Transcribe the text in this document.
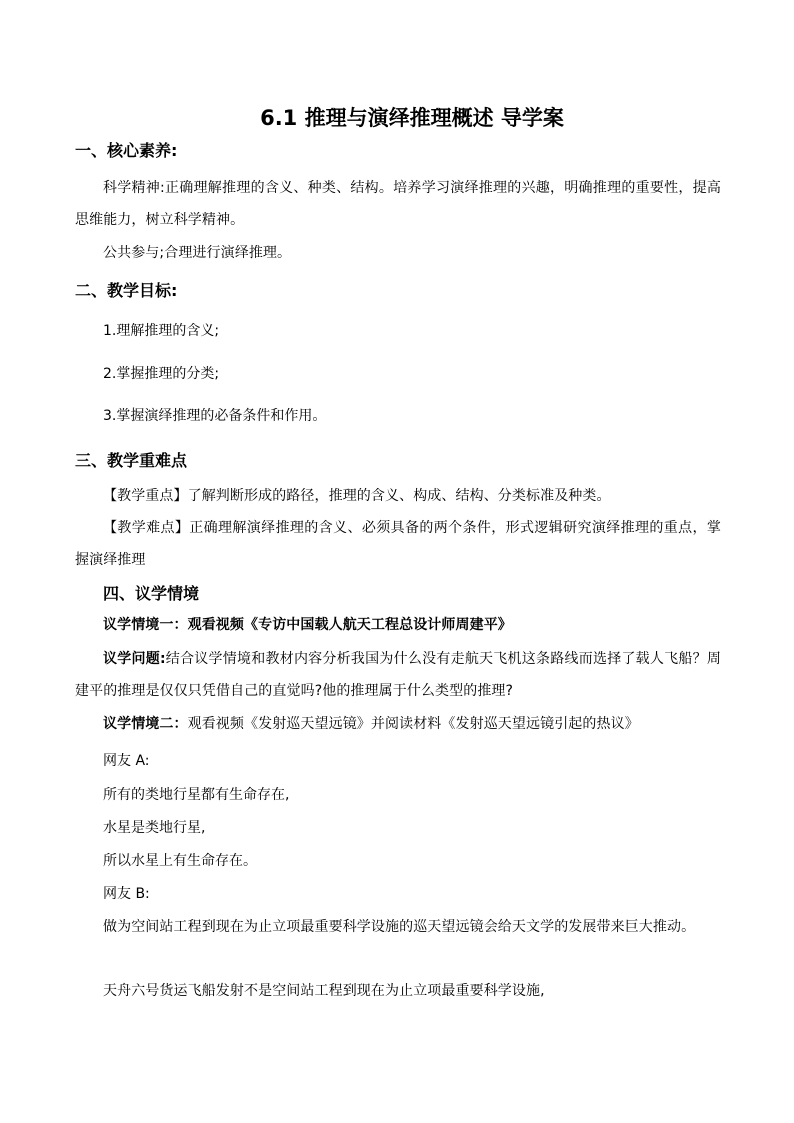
6.1 推理与演绎推理概述 导学案
一、核心素养:

科学精神:正确理解推理的含义、种类、结构。培养学习演绎推理的兴趣，明确推理的重要性，提高思维能力，树立科学精神。

公共参与;合理进行演绎推理。

二、教学目标:

1.理解推理的含义;

2.掌握推理的分类;

3.掌握演绎推理的必备条件和作用。

三、教学重难点

【教学重点】了解判断形成的路径，推理的含义、构成、结构、分类标准及种类。

【教学难点】正确理解演绎推理的含义、必须具备的两个条件，形式逻辑研究演绎推理的重点，掌握演绎推理

四、议学情境

议学情境一：观看视频《专访中国载人航天工程总设计师周建平》

议学问题:结合议学情境和教材内容分析我国为什么没有走航天飞机这条路线而选择了载人飞船？周建平的推理是仅仅只凭借自己的直觉吗?他的推理属于什么类型的推理?

议学情境二：观看视频《发射巡天望远镜》并阅读材料《发射巡天望远镜引起的热议》

网友 A:

所有的类地行星都有生命存在,

水星是类地行星,

所以水星上有生命存在。

网友 B:

做为空间站工程到现在为止立项最重要科学设施的巡天望远镜会给天文学的发展带来巨大推动。

天舟六号货运飞船发射不是空间站工程到现在为止立项最重要科学设施,
